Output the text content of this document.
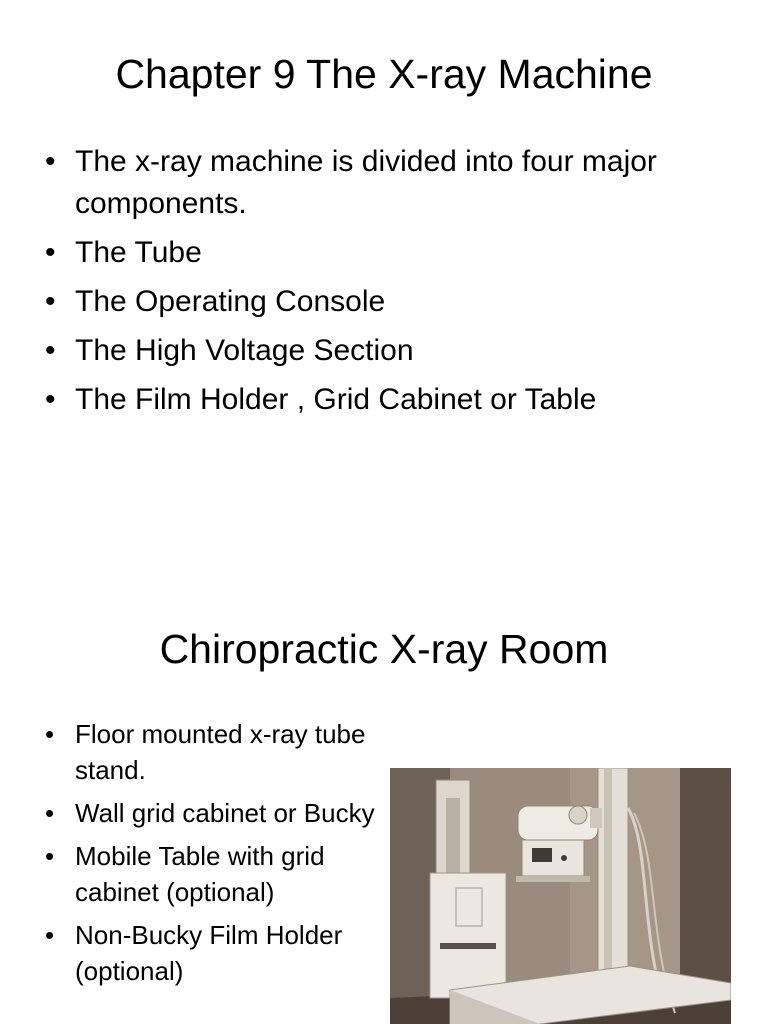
Chapter 9 The X-ray Machine
• The x-ray machine is divided into four major components.
• The Tube
• The Operating Console
• The High Voltage Section
• The Film Holder , Grid Cabinet or Table
Chiropractic X-ray Room
• Floor mounted x-ray tube stand.
• Wall grid cabinet or Bucky
• Mobile Table with grid cabinet (optional)
• Non-Bucky Film Holder (optional)
